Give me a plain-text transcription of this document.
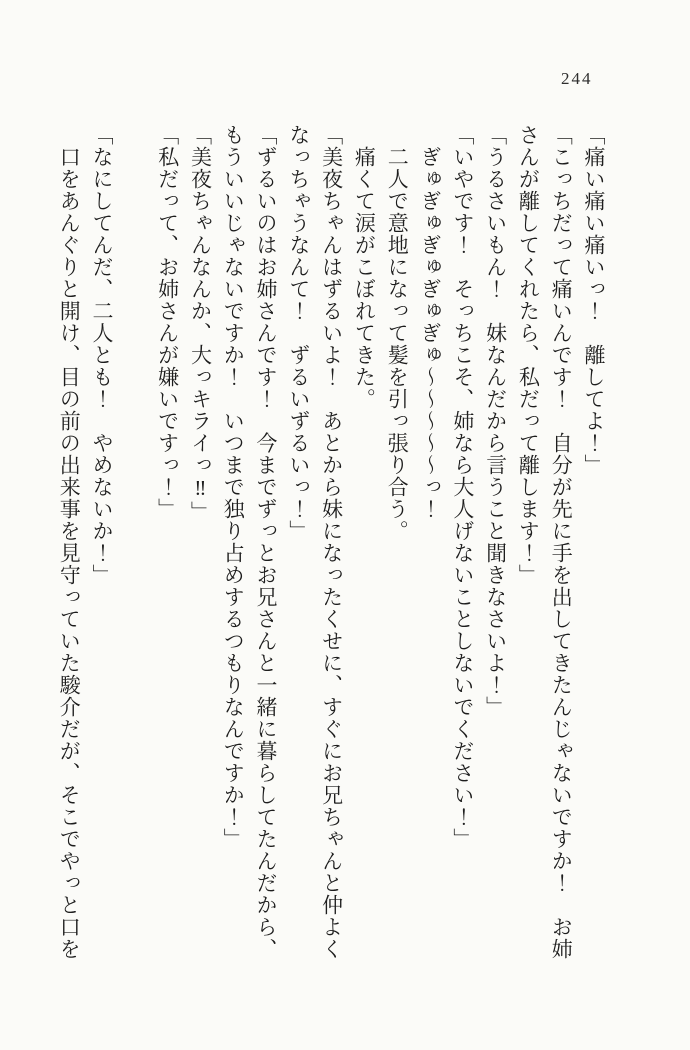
244
「痛い痛い痛いっ！　離してよ！」
「こっちだって痛いんです！　自分が先に手を出してきたんじゃないですか！　お姉
さんが離してくれたら、私だって離します！」
「うるさいもん！　妹なんだから言うこと聞きなさいよ！」
「いやです！　そっちこそ、姉なら大人げないことしないでください！」
　ぎゅぎゅぎゅぎゅぎゅ～～～～～っ！
　二人で意地になって髪を引っ張り合う。
　痛くて涙がこぼれてきた。
「美夜ちゃんはずるいよ！　あとから妹になったくせに、すぐにお兄ちゃんと仲よく
なっちゃうなんて！　ずるいずるいっ！」
「ずるいのはお姉さんです！　今までずっとお兄さんと一緒に暮らしてたんだから、
もういいじゃないですか！　いつまで独り占めするつもりなんですか！」
「美夜ちゃんなんか、大っキライっ‼」
「私だって、お姉さんが嫌いですっ！」

「なにしてんだ、二人とも！　やめないか！」
　口をあんぐりと開け、目の前の出来事を見守っていた駿介だが、そこでやっと口を
